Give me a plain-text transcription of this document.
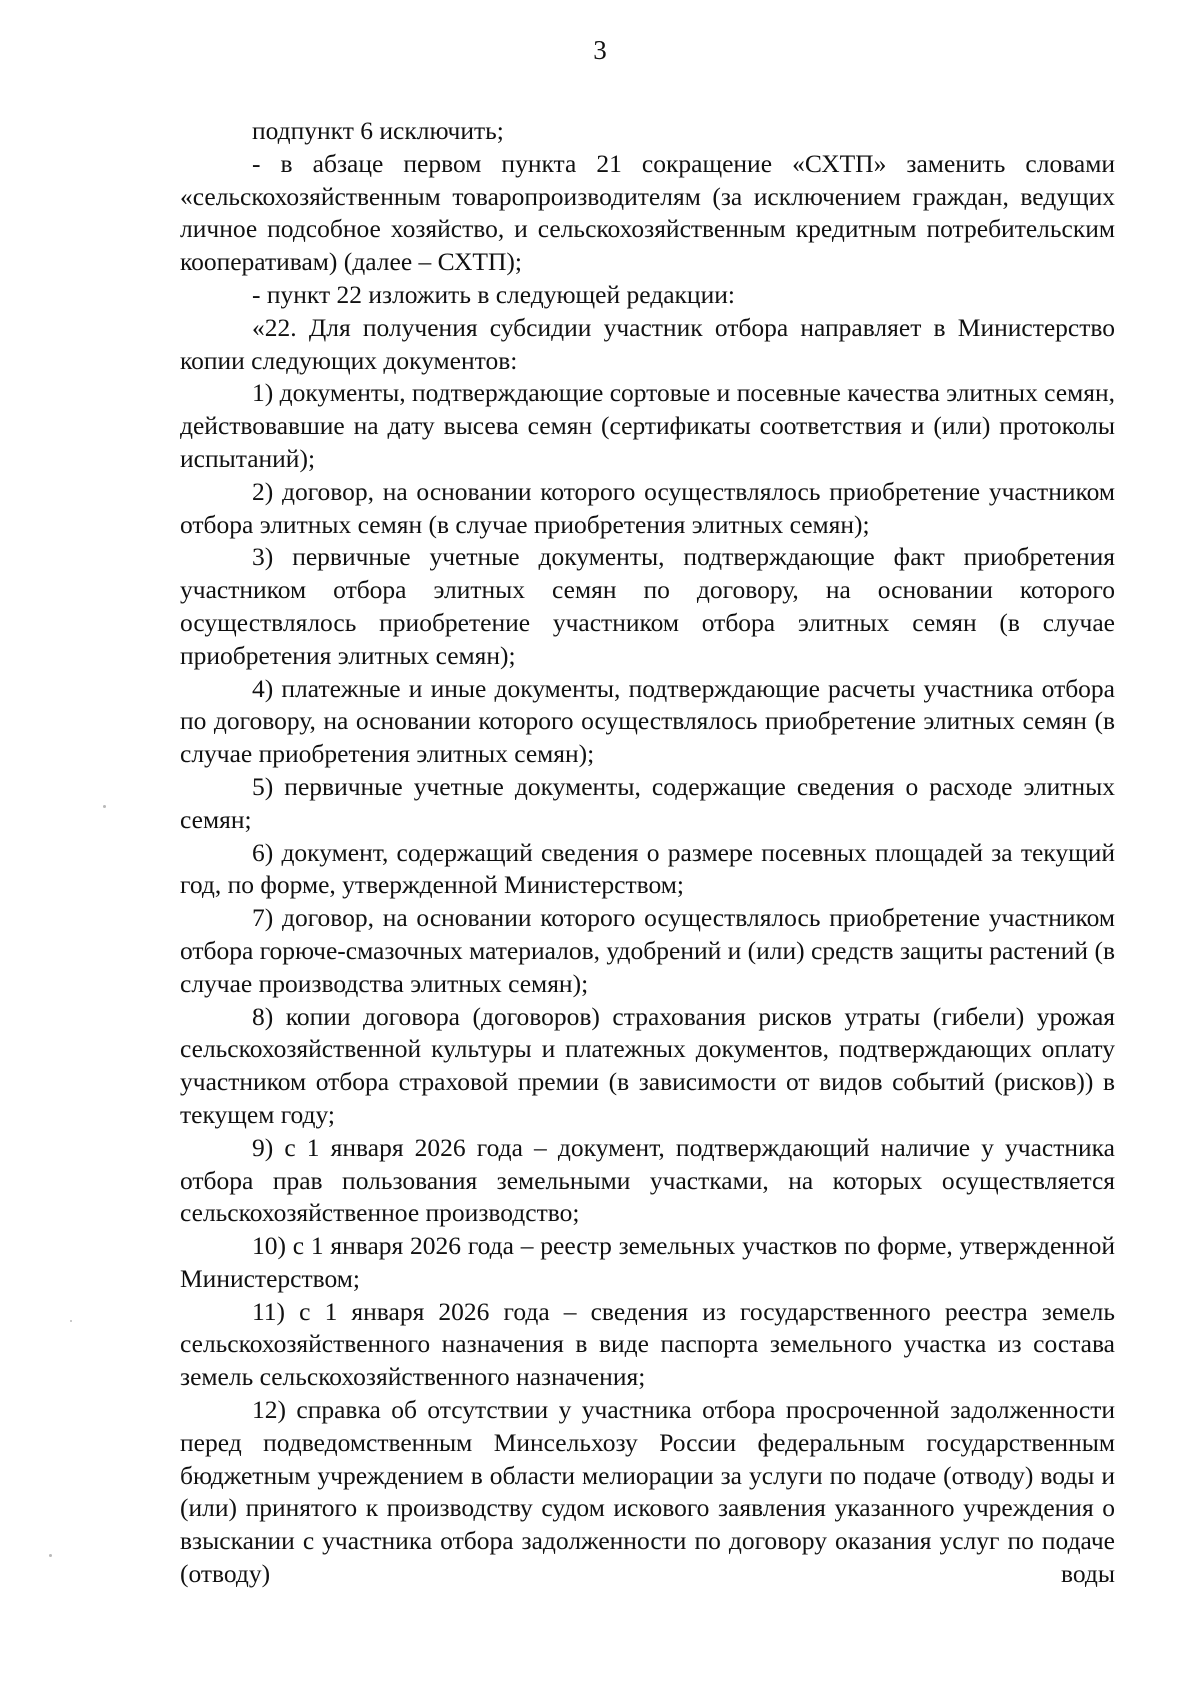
3

подпункт 6 исключить;

- в абзаце первом пункта 21 сокращение «СХТП» заменить словами «сельскохозяйственным товаропроизводителям (за исключением граждан, ведущих личное подсобное хозяйство, и сельскохозяйственным кредитным потребительским кооперативам) (далее – СХТП);

- пункт 22 изложить в следующей редакции:

«22. Для получения субсидии участник отбора направляет в Министерство копии следующих документов:

1) документы, подтверждающие сортовые и посевные качества элитных семян, действовавшие на дату высева семян (сертификаты соответствия и (или) протоколы испытаний);

2) договор, на основании которого осуществлялось приобретение участником отбора элитных семян (в случае приобретения элитных семян);

3) первичные учетные документы, подтверждающие факт приобретения участником отбора элитных семян по договору, на основании которого осуществлялось приобретение участником отбора элитных семян (в случае приобретения элитных семян);

4) платежные и иные документы, подтверждающие расчеты участника отбора по договору, на основании которого осуществлялось приобретение элитных семян (в случае приобретения элитных семян);

5) первичные учетные документы, содержащие сведения о расходе элитных семян;

6) документ, содержащий сведения о размере посевных площадей за текущий год, по форме, утвержденной Министерством;

7) договор, на основании которого осуществлялось приобретение участником отбора горюче-смазочных материалов, удобрений и (или) средств защиты растений (в случае производства элитных семян);

8) копии договора (договоров) страхования рисков утраты (гибели) урожая сельскохозяйственной культуры и платежных документов, подтверждающих оплату участником отбора страховой премии (в зависимости от видов событий (рисков)) в текущем году;

9) с 1 января 2026 года – документ, подтверждающий наличие у участника отбора прав пользования земельными участками, на которых осуществляется сельскохозяйственное производство;

10) с 1 января 2026 года – реестр земельных участков по форме, утвержденной Министерством;

11) с 1 января 2026 года – сведения из государственного реестра земель сельскохозяйственного назначения в виде паспорта земельного участка из состава земель сельскохозяйственного назначения;

12) справка об отсутствии у участника отбора просроченной задолженности перед подведомственным Минсельхозу России федеральным государственным бюджетным учреждением в области мелиорации за услуги по подаче (отводу) воды и (или) принятого к производству судом искового заявления указанного учреждения о взыскании с участника отбора задолженности по договору оказания услуг по подаче (отводу) воды
